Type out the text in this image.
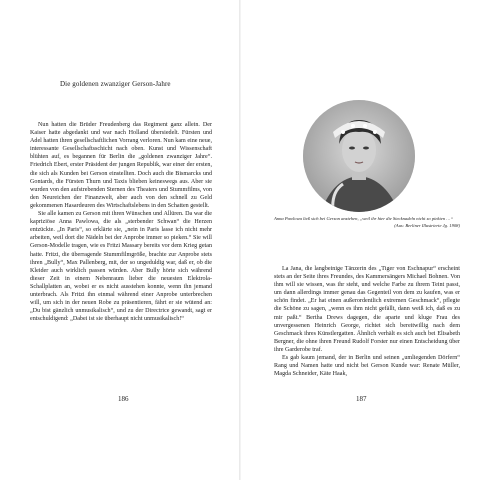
Die goldenen zwanziger Gerson-Jahre

Nun hatten die Brüder Freudenberg das Regiment ganz allein. Der Kaiser hatte abgedankt und war nach Holland übersiedelt. Fürsten und Adel hatten ihren gesellschaftlichen Vorrang verloren. Nun kam eine neue, interessante Gesellschaftsschicht nach oben. Kunst und Wissenschaft blühten auf, es begannen für Berlin die „goldenen zwanziger Jahre“. Friedrich Ebert, erster Präsident der jungen Republik, war einer der ersten, die sich als Kunden bei Gerson einstellten. Doch auch die Bismarcks und Gontards, die Fürsten Thurn und Taxis blieben keineswegs aus. Aber sie wurden von den aufstrebenden Sternen des Theaters und Stummfilms, von den Neureichen der Finanzwelt, aber auch von den schnell zu Geld gekommenen Hasardeuren des Wirtschaftslebens in den Schatten gestellt.

Sie alle kamen zu Gerson mit ihren Wünschen und Allüren. Da war die kapriziöse Anna Pawlowa, die als „sterbender Schwan“ die Herzen entzückte. „In Paris“, so erklärte sie, „nein in Paris lasse ich nicht mehr arbeiten, weil dort die Nädeln bei der Anprobe immer so pieken.“ Sie will Gerson-Modelle tragen, wie es Fritzi Massary bereits vor dem Krieg getan hatte. Fritzi, die überragende Stummfilmgröße, brachte zur Anprobe stets ihren „Bully“, Max Pallenberg, mit, der so ungeduldig war, daß er, ob die Kleider auch wirklich passen würden. Aber Bully hörte sich während dieser Zeit in einem Nebenraum lieber die neuesten Elektrola-Schallplatten an, wobei er es nicht ausstehen konnte, wenn ihn jemand unterbrach. Als Fritzi ihn einmal während einer Anprobe unterbrechen will, um sich in der neuen Robe zu präsentieren, fährt er sie wütend an: „Du bist gänzlich unmusikalisch“, und zu der Directrice gewandt, sagt er entschuldigend: „Dabei ist sie überhaupt nicht unmusikalisch!“

186
Anna Pawlowa ließ sich bei Gerson anziehen, „weil ihr hier die Stecknadeln nicht so piekten …“
(Aus: Berliner Illustrierte Jg. 1908)

La Jana, die langbeinige Tänzerin des „Tiger von Eschnapur“ erscheint stets an der Seite ihres Freundes, des Kammersängers Michael Bohnen. Von ihm will sie wissen, was ihr steht, und welche Farbe zu ihrem Teint passt, um dann allerdings immer genau das Gegenteil von dem zu kaufen, was er schön findet. „Er hat einen außerordentlich extremen Geschmack“, pflegte die Schöne zu sagen, „wenn es ihm nicht gefällt, dann weiß ich, daß es zu mir paßt.“ Bertha Drews dagegen, die aparte und kluge Frau des unvergessenen Heinrich George, richtet sich bereitwillig nach dem Geschmack ihres Künstlergatten. Ähnlich verhält es sich auch bei Elisabeth Bergner, die ohne ihren Freund Rudolf Forster nur einen Entscheidung über ihre Garderobe traf.

Es gab kaum jemand, der in Berlin und seinen „umliegenden Dörfern“ Rang und Namen hatte und nicht bei Gerson Kunde war: Renate Müller, Magda Schneider, Käte Haak,

187
